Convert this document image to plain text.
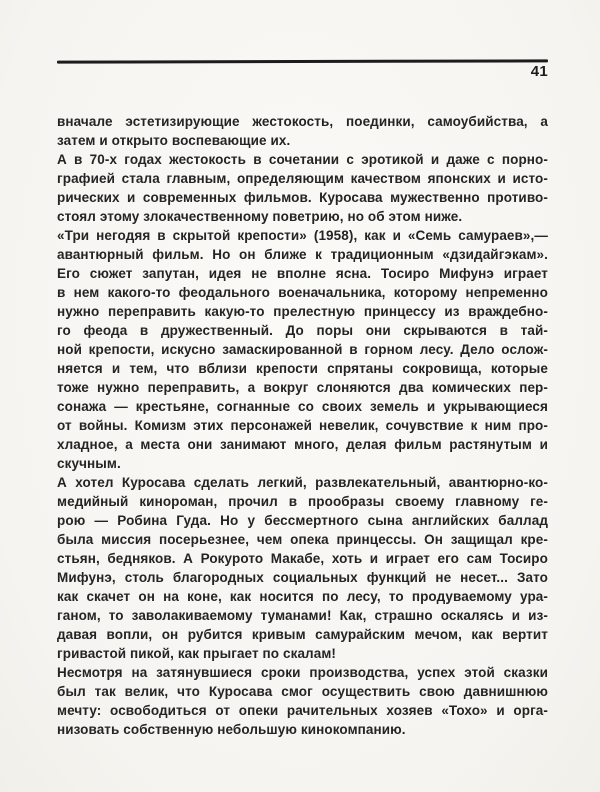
41
вначале эстетизирующие жестокость, поединки, самоубийства, а
затем и открыто воспевающие их.
А в 70-х годах жестокость в сочетании с эротикой и даже с порно-
графией стала главным, определяющим качеством японских и исто-
рических и современных фильмов. Куросава мужественно противо-
стоял этому злокачественному поветрию, но об этом ниже.
«Три негодяя в скрытой крепости» (1958), как и «Семь самураев»,—
авантюрный фильм. Но он ближе к традиционным «дзидайгэкам».
Его сюжет запутан, идея не вполне ясна. Тосиро Мифунэ играет
в нем какого-то феодального военачальника, которому непременно
нужно переправить какую-то прелестную принцессу из враждебно-
го феода в дружественный. До поры они скрываются в тай-
ной крепости, искусно замаскированной в горном лесу. Дело ослож-
няется и тем, что вблизи крепости спрятаны сокровища, которые
тоже нужно переправить, а вокруг слоняются два комических пер-
сонажа — крестьяне, согнанные со своих земель и укрывающиеся
от войны. Комизм этих персонажей невелик, сочувствие к ним про-
хладное, а места они занимают много, делая фильм растянутым и
скучным.
А хотел Куросава сделать легкий, развлекательный, авантюрно-ко-
медийный кинороман, прочил в прообразы своему главному ге-
рою — Робина Гуда. Но у бессмертного сына английских баллад
была миссия посерьезнее, чем опека принцессы. Он защищал кре-
стьян, бедняков. А Рокурото Макабе, хоть и играет его сам Тосиро
Мифунэ, столь благородных социальных функций не несет... Зато
как скачет он на коне, как носится по лесу, то продуваемому ура-
ганом, то заволакиваемому туманами! Как, страшно оскалясь и из-
давая вопли, он рубится кривым самурайским мечом, как вертит
гривастой пикой, как прыгает по скалам!
Несмотря на затянувшиеся сроки производства, успех этой сказки
был так велик, что Куросава смог осуществить свою давнишнюю
мечту: освободиться от опеки рачительных хозяев «Тохо» и орга-
низовать собственную небольшую кинокомпанию.
